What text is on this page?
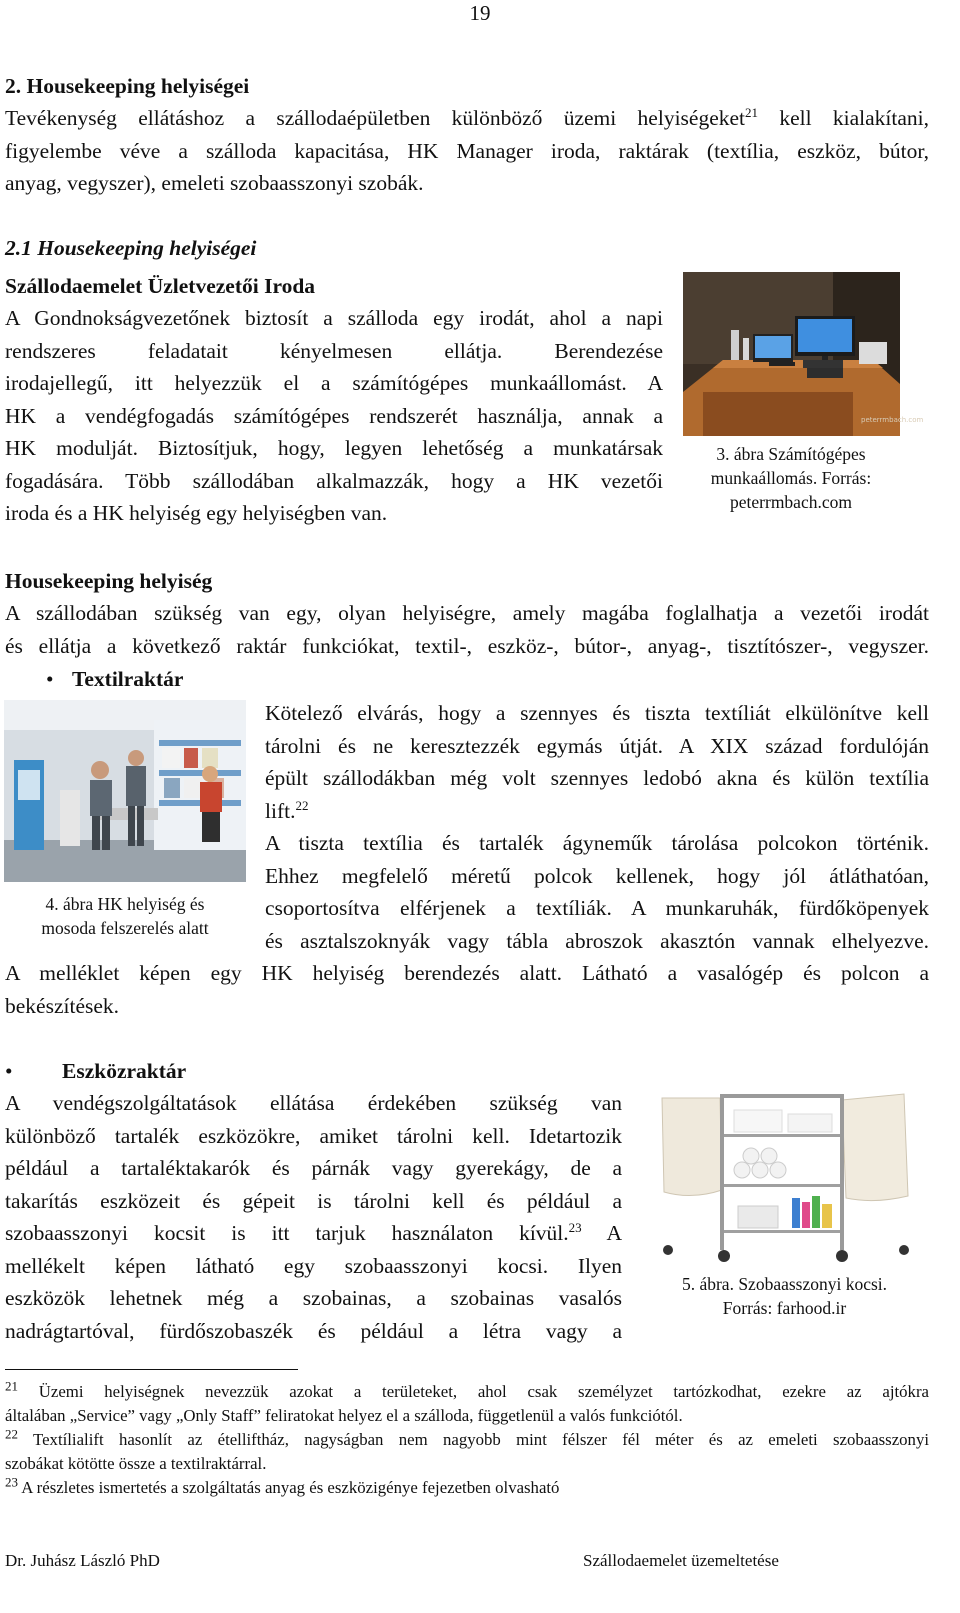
19
2. Housekeeping helyiségei
Tevékenység ellátáshoz a szállodaépületben különböző üzemi helyiségeket$^{21}$ kell kialakítani,
figyelembe véve a szálloda kapacitása, HK Manager iroda, raktárak (textília, eszköz, bútor,
anyag, vegyszer), emeleti szobaasszonyi szobák.
2.1 Housekeeping helyiségei
Szállodaemelet Üzletvezetői Iroda
A Gondnokságvezetőnek biztosít a szálloda egy irodát, ahol a napi
rendszeres feladatait kényelmesen ellátja. Berendezése
irodajellegű, itt helyezzük el a számítógépes munkaállomást. A
HK a vendégfogadás számítógépes rendszerét használja, annak a
HK modulját. Biztosítjuk, hogy, legyen lehetőség a munkatársak
fogadására. Több szállodában alkalmazzák, hogy a HK vezetői
iroda és a HK helyiség egy helyiségben van.
peterrmbach.com
3. ábra Számítógépes
munkaállomás. Forrás:
peterrmbach.com
Housekeeping helyiség
A szállodában szükség van egy, olyan helyiségre, amely magába foglalhatja a vezetői irodát
és ellátja a következő raktár funkciókat, textil-, eszköz-, bútor-, anyag-, tisztítószer-, vegyszer.
• Textilraktár
4. ábra HK helyiség és
mosoda felszerelés alatt
Kötelező elvárás, hogy a szennyes és tiszta textíliát elkülönítve kell
tárolni és ne keresztezzék egymás útját. A XIX század fordulóján
épült szállodákban még volt szennyes ledobó akna és külön textília
lift.$^{22}$
A tiszta textília és tartalék ágyneműk tárolása polcokon történik.
Ehhez megfelelő méretű polcok kellenek, hogy jól átláthatóan,
csoportosítva elférjenek a textíliák. A munkaruhák, fürdőköpenyek
és asztalszoknyák vagy tábla abroszok akasztón vannak elhelyezve.
A melléklet képen egy HK helyiség berendezés alatt. Látható a vasalógép és polcon a
bekészítések.
• Eszközraktár
A vendégszolgáltatások ellátása érdekében szükség van
különböző tartalék eszközökre, amiket tárolni kell. Idetartozik
például a tartaléktakarók és párnák vagy gyerekágy, de a
takarítás eszközeit és gépeit is tárolni kell és például a
szobaasszonyi kocsit is itt tarjuk használaton kívül.$^{23}$ A
mellékelt képen látható egy szobaasszonyi kocsi. Ilyen
eszközök lehetnek még a szobainas, a szobainas vasalós
nadrágtartóval, fürdőszobaszék és például a létra vagy a
5. ábra. Szobaasszonyi kocsi.
Forrás: farhood.ir
$^{21}$ Üzemi helyiségnek nevezzük azokat a területeket, ahol csak személyzet tartózkodhat, ezekre az ajtókra
általában „Service” vagy „Only Staff” feliratokat helyez el a szálloda, függetlenül a valós funkciótól.
$^{22}$ Textílialift hasonlít az ételliftház, nagyságban nem nagyobb mint félszer fél méter és az emeleti szobaasszonyi
szobákat kötötte össze a textilraktárral.
$^{23}$ A részletes ismertetés a szolgáltatás anyag és eszközigénye fejezetben olvasható
Dr. Juhász László PhD	Szállodaemelet üzemeltetése
